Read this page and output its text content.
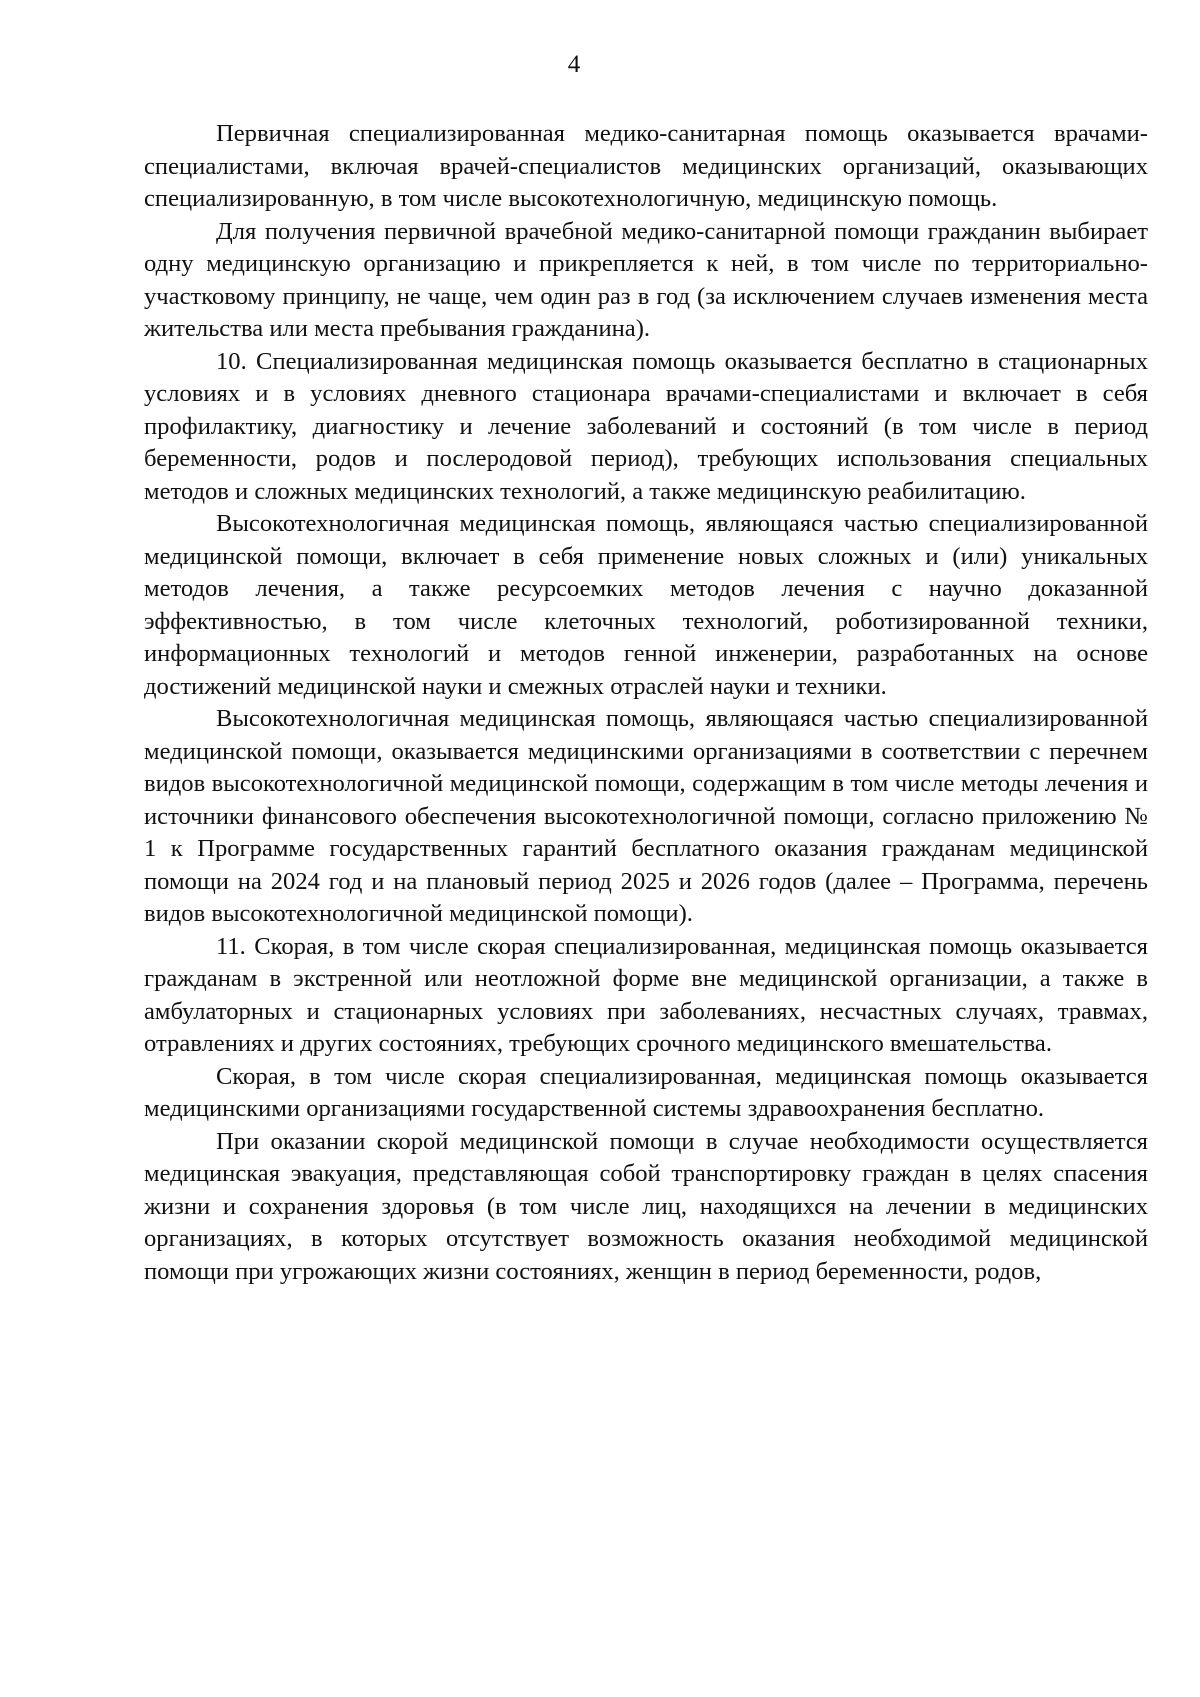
4

Первичная специализированная медико-санитарная помощь оказывается врачами-специалистами, включая врачей-специалистов медицинских организаций, оказывающих специализированную, в том числе высокотехнологичную, медицинскую помощь.

Для получения первичной врачебной медико-санитарной помощи гражданин выбирает одну медицинскую организацию и прикрепляется к ней, в том числе по территориально-участковому принципу, не чаще, чем один раз в год (за исключением случаев изменения места жительства или места пребывания гражданина).

10. Специализированная медицинская помощь оказывается бесплатно в стационарных условиях и в условиях дневного стационара врачами-специалистами и включает в себя профилактику, диагностику и лечение заболеваний и состояний (в том числе в период беременности, родов и послеродовой период), требующих использования специальных методов и сложных медицинских технологий, а также медицинскую реабилитацию.

Высокотехнологичная медицинская помощь, являющаяся частью специализированной медицинской помощи, включает в себя применение новых сложных и (или) уникальных методов лечения, а также ресурсоемких методов лечения с научно доказанной эффективностью, в том числе клеточных технологий, роботизированной техники, информационных технологий и методов генной инженерии, разработанных на основе достижений медицинской науки и смежных отраслей науки и техники.

Высокотехнологичная медицинская помощь, являющаяся частью специализированной медицинской помощи, оказывается медицинскими организациями в соответствии с перечнем видов высокотехнологичной медицинской помощи, содержащим в том числе методы лечения и источники финансового обеспечения высокотехнологичной помощи, согласно приложению № 1 к Программе государственных гарантий бесплатного оказания гражданам медицинской помощи на 2024 год и на плановый период 2025 и 2026 годов (далее – Программа, перечень видов высокотехнологичной медицинской помощи).

11. Скорая, в том числе скорая специализированная, медицинская помощь оказывается гражданам в экстренной или неотложной форме вне медицинской организации, а также в амбулаторных и стационарных условиях при заболеваниях, несчастных случаях, травмах, отравлениях и других состояниях, требующих срочного медицинского вмешательства.

Скорая, в том числе скорая специализированная, медицинская помощь оказывается медицинскими организациями государственной системы здравоохранения бесплатно.

При оказании скорой медицинской помощи в случае необходимости осуществляется медицинская эвакуация, представляющая собой транспортировку граждан в целях спасения жизни и сохранения здоровья (в том числе лиц, находящихся на лечении в медицинских организациях, в которых отсутствует возможность оказания необходимой медицинской помощи при угрожающих жизни состояниях, женщин в период беременности, родов,
